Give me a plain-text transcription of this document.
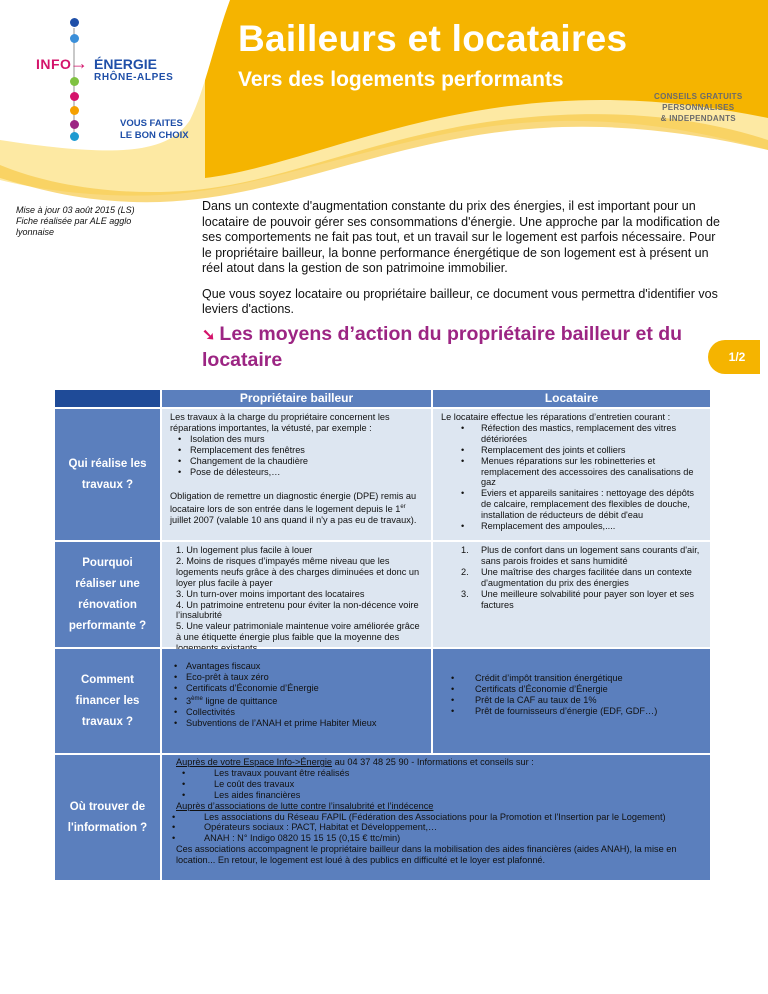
INFO
→ ÉNERGIE
RHÔNE-ALPES
VOUS FAITES
LE BON CHOIX
Bailleurs et locataires
Vers des logements performants
CONSEILS GRATUITS
PERSONNALISES
& INDEPENDANTS
Mise à jour 03 août 2015 (LS)
Fiche réalisée par ALE agglo lyonnaise

Dans un contexte d'augmentation constante du prix des énergies, il est important pour un locataire de pouvoir gérer ses consommations d'énergie. Une approche par la modification de ses comportements ne fait pas tout, et un travail sur le logement est parfois nécessaire. Pour le propriétaire bailleur, la bonne performance énergétique de son logement est à présent un réel atout dans la gestion de son patrimoine immobilier.

Que vous soyez locataire ou propriétaire bailleur, ce document vous permettra d'identifier vos leviers d'actions.

➘ Les moyens d’action du propriétaire bailleur et du locataire	1/2
Propriétaire bailleur	Locataire
Qui réalise les travaux ?

Les travaux à la charge du propriétaire concernent les réparations importantes, la vétusté, par exemple :

• Isolation des murs
• Remplacement des fenêtres
• Changement de la chaudière
• Pose de délesteurs,…

Obligation de remettre un diagnostic énergie (DPE) remis au locataire lors de son entrée dans le logement depuis le 1er juillet 2007 (valable 10 ans quand il n'y a pas eu de travaux).

Le locataire effectue les réparations d’entretien courant :

• Réfection des mastics, remplacement des vitres détériorées
• Remplacement des joints et colliers
• Menues réparations sur les robinetteries et remplacement des accessoires des canalisations de gaz
• Eviers et appareils sanitaires : nettoyage des dépôts de calcaire, remplacement des flexibles de douche, installation de réducteurs de débit d'eau
• Remplacement des ampoules,....
Pourquoi réaliser une rénovation performante ?
1. Un logement plus facile à louer
2. Moins de risques d’impayés même niveau que les logements neufs grâce à des charges diminuées et donc un loyer plus facile à payer
3. Un turn-over moins important des locataires
4. Un patrimoine entretenu pour éviter la non-décence voire l’insalubrité
5. Une valeur patrimoniale maintenue voire améliorée grâce à une étiquette énergie plus faible que la moyenne des
1. Plus de confort dans un logement sans courants d'air, sans parois froides et sans humidité
2. Une maîtrise des charges facilitée dans un contexte d'augmentation du prix des énergies
3. Une meilleure solvabilité pour payer son loyer et ses factures
Comment financer les travaux ?
• Avantages fiscaux
• Eco-prêt à taux zéro
• Certificats d’Économie d’Énergie
• 3ème ligne de quittance
• Collectivités
• Subventions de l’ANAH et prime Habiter Mieux
• Crédit d’impôt transition énergétique
• Certificats d’Économie d’Énergie
• Prêt de la CAF au taux de 1%
• Prêt de fournisseurs d’énergie (EDF, GDF…)
Où trouver de l'information ?
Auprès de votre Espace Info->Énergie au 04 37 48 25 90 - Informations et conseils sur :
• Les travaux pouvant être réalisés
• Le coût des travaux
• Les aides financières
Auprès d’associations de lutte contre l’insalubrité et l’indécence
• Les associations du Réseau FAPIL (Fédération des Associations pour la Promotion et l'Insertion par le Logement)
• Opérateurs sociaux : PACT, Habitat et Développement,…
• ANAH : N° Indigo 0820 15 15 15 (0,15 € ttc/min)
Ces associations accompagnent le propriétaire bailleur dans la mobilisation des aides financières (aides ANAH), la mise en location... En retour, le logement est loué à des publics en difficulté et le loyer est plafonné.
